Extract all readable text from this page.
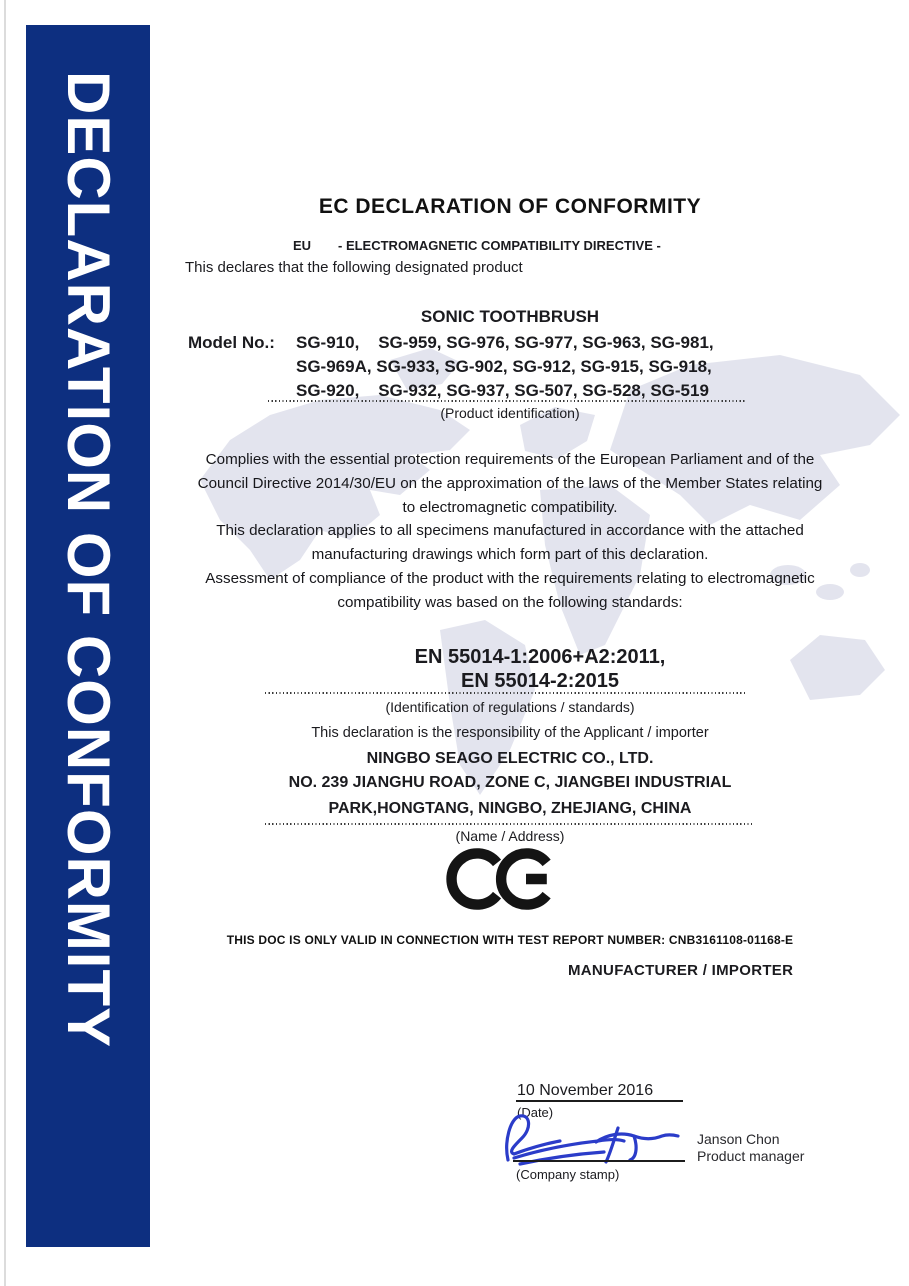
DECLARATION OF CONFORMITY	EC DECLARATION OF CONFORMITY
EU - ELECTROMAGNETIC COMPATIBILITY DIRECTIVE -
This declares that the following designated product
SONIC TOOTHBRUSH
Model No.:	SG-910,    SG-959, SG-976, SG-977, SG-963, SG-981,
SG-969A, SG-933, SG-902, SG-912, SG-915, SG-918,
SG-920,    SG-932, SG-937, SG-507, SG-528, SG-519
(Product identification)
Complies with the essential protection requirements of the European Parliament and of the
Council Directive 2014/30/EU on the approximation of the laws of the Member States relating
to electromagnetic compatibility.
This declaration applies to all specimens manufactured in accordance with the attached
manufacturing drawings which form part of this declaration.
Assessment of compliance of the product with the requirements relating to electromagnetic
compatibility was based on the following standards:
EN 55014-1:2006+A2:2011,
EN 55014-2:2015
(Identification of regulations / standards)
This declaration is the responsibility of the Applicant / importer
NINGBO SEAGO ELECTRIC CO., LTD.
NO. 239 JIANGHU ROAD, ZONE C, JIANGBEI INDUSTRIAL
PARK,HONGTANG, NINGBO, ZHEJIANG, CHINA
(Name / Address)
THIS DOC IS ONLY VALID IN CONNECTION WITH TEST REPORT NUMBER: CNB3161108-01168-E
MANUFACTURER / IMPORTER
10 November 2016
(Date)
(Company stamp)
Janson Chon
Product manager
